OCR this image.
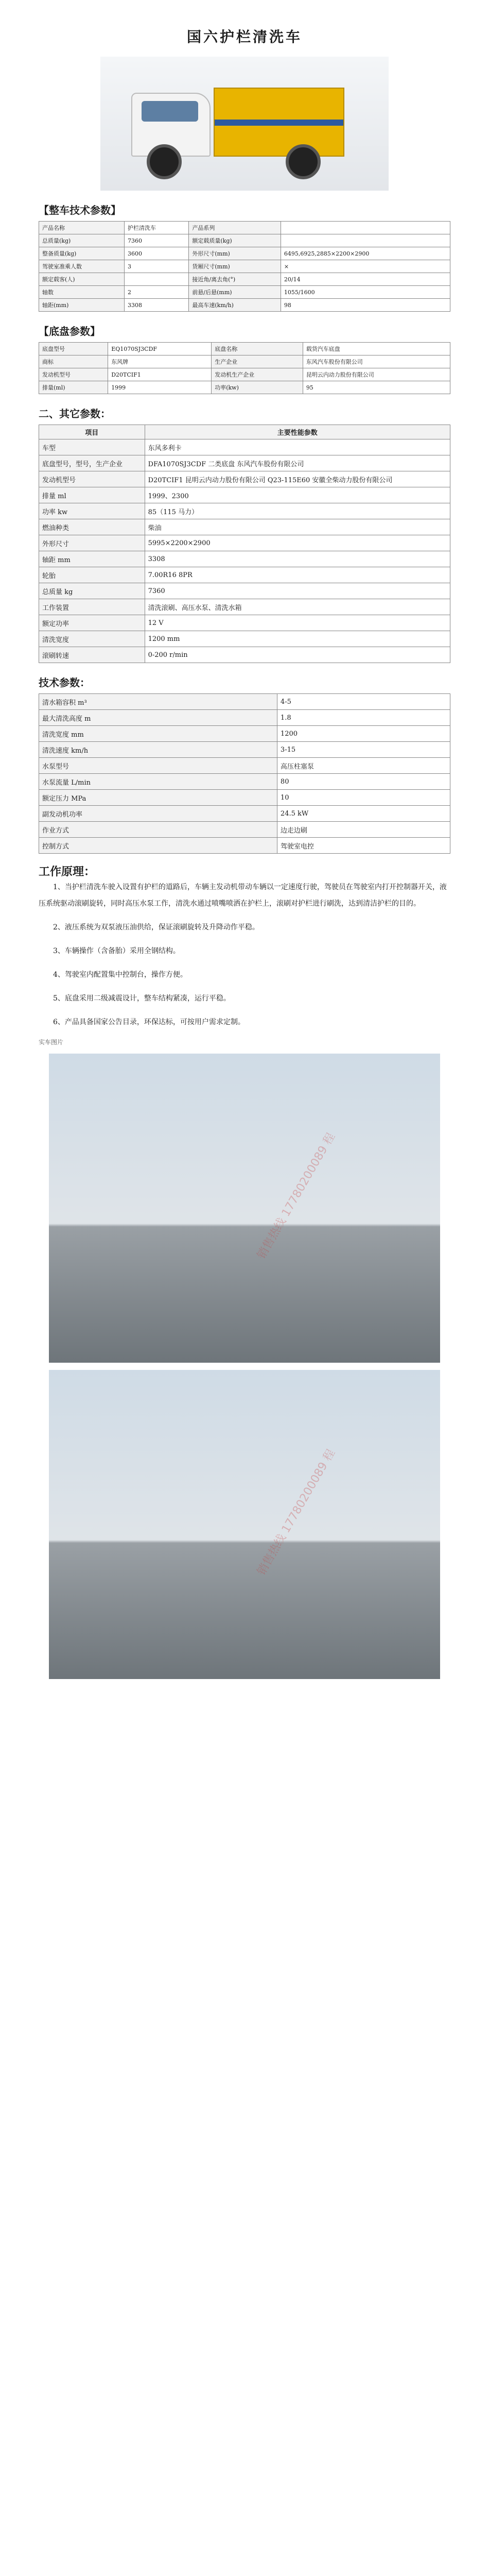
国六护栏清洗车
【整车技术参数】
产品名称	护栏清洗车	产品系列	
总质量(kg)	7360	额定载质量(kg)	
整备质量(kg)	3600	外形尺寸(mm)	6495,6925,2885×2200×2900
驾驶室准乘人数	3	货厢尺寸(mm)	×
额定载客(人)		接近角/离去角(°)	20/14
轴数	2	前悬/后悬(mm)	1055/1600
轴距(mm)	3308	最高车速(km/h)	98
【底盘参数】
底盘型号	EQ1070SJ3CDF	底盘名称	载货汽车底盘
商标	东风牌	生产企业	东风汽车股份有限公司
发动机型号	D20TCIF1	发动机生产企业	昆明云内动力股份有限公司
排量(ml)	1999	功率(kw)	95
二、其它参数：
项目	主要性能参数
车型	东风多利卡
底盘型号，型号，生产企业	DFA1070SJ3CDF 二类底盘 东风汽车股份有限公司
发动机型号	D20TCIF1 昆明云内动力股份有限公司 Q23-115E60 安徽全柴动力股份有限公司
排量 ml	1999、2300
功率 kw	85（115 马力）
燃油种类	柴油
外形尺寸	5995×2200×2900
轴距 mm	3308
轮胎	7.00R16 8PR
总质量 kg	7360
工作装置	清洗滚刷、高压水泵、清洗水箱
额定功率	12 V
清洗宽度	1200 mm
滚刷转速	0-200 r/min
技术参数：
清水箱容积 m³	4-5
最大清洗高度 m	1.8
清洗宽度 mm	1200
清洗速度 km/h	3-15
水泵型号	高压柱塞泵
水泵流量 L/min	80
额定压力 MPa	10
副发动机功率	24.5 kW
作业方式	边走边刷
控制方式	驾驶室电控
工作原理：

1、当护栏清洗车驶入设置有护栏的道路后，车辆主发动机带动车辆以一定速度行驶，驾驶员在驾驶室内打开控制器开关，液压系统驱动滚刷旋转，同时高压水泵工作，清洗水通过喷嘴喷洒在护栏上，滚刷对护栏进行刷洗，达到清洁护栏的目的。

2、液压系统为双泵液压油供给，保证滚刷旋转及升降动作平稳。

3、车辆操作（含备胎）采用全钢结构。

4、驾驶室内配置集中控制台，操作方便。

5、底盘采用二级减震设计，整车结构紧凑，运行平稳。

6、产品具备国家公告目录，环保达标，可按用户需求定制。

实车图片
销售热线 17780200089 程
销售热线 17780200089 程
